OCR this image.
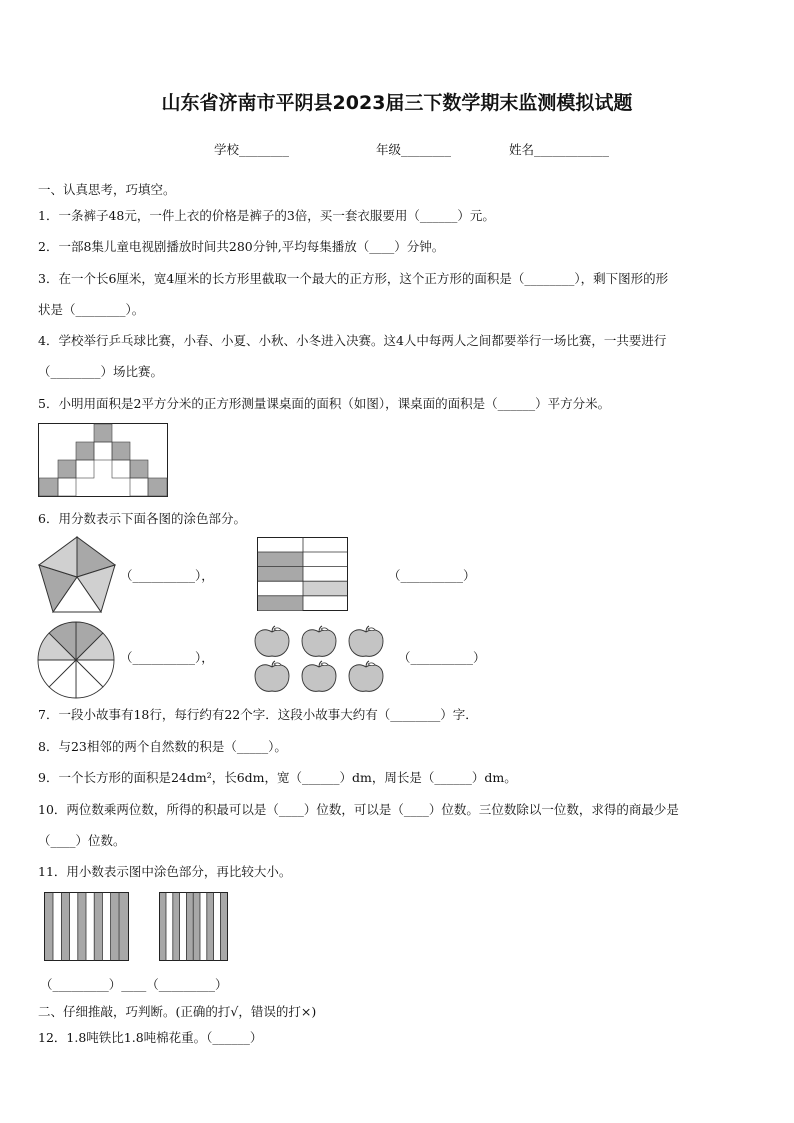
山东省济南市平阴县2023届三下数学期末监测模拟试题
学校________	年级________	姓名____________
一、认真思考，巧填空。
1．一条裤子48元，一件上衣的价格是裤子的3倍，买一套衣服要用（______）元。
2．一部8集儿童电视剧播放时间共280分钟,平均每集播放（____）分钟。
3．在一个长6厘米，宽4厘米的长方形里截取一个最大的正方形，这个正方形的面积是（________），剩下图形的形
状是（________）。
4．学校举行乒乓球比赛，小春、小夏、小秋、小冬进入决赛。这4人中每两人之间都要举行一场比赛，一共要进行
（________）场比赛。
5．小明用面积是2平方分米的正方形测量课桌面的面积（如图），课桌面的面积是（______）平方分米。
6．用分数表示下面各图的涂色部分。
（__________），	（__________）
（__________），	（__________）
7．一段小故事有18行，每行约有22个字．这段小故事大约有（________）字．
8．与23相邻的两个自然数的积是（_____）。
9．一个长方形的面积是24dm²，长6dm，宽（______）dm，周长是（______）dm。
10．两位数乘两位数，所得的积最可以是（____）位数，可以是（____）位数。三位数除以一位数，求得的商最少是
（____）位数。
11．用小数表示图中涂色部分，再比较大小。
（_________）____（_________）
二、仔细推敲，巧判断。(正确的打√，错误的打×)
12．1.8吨铁比1.8吨棉花重。（______）
